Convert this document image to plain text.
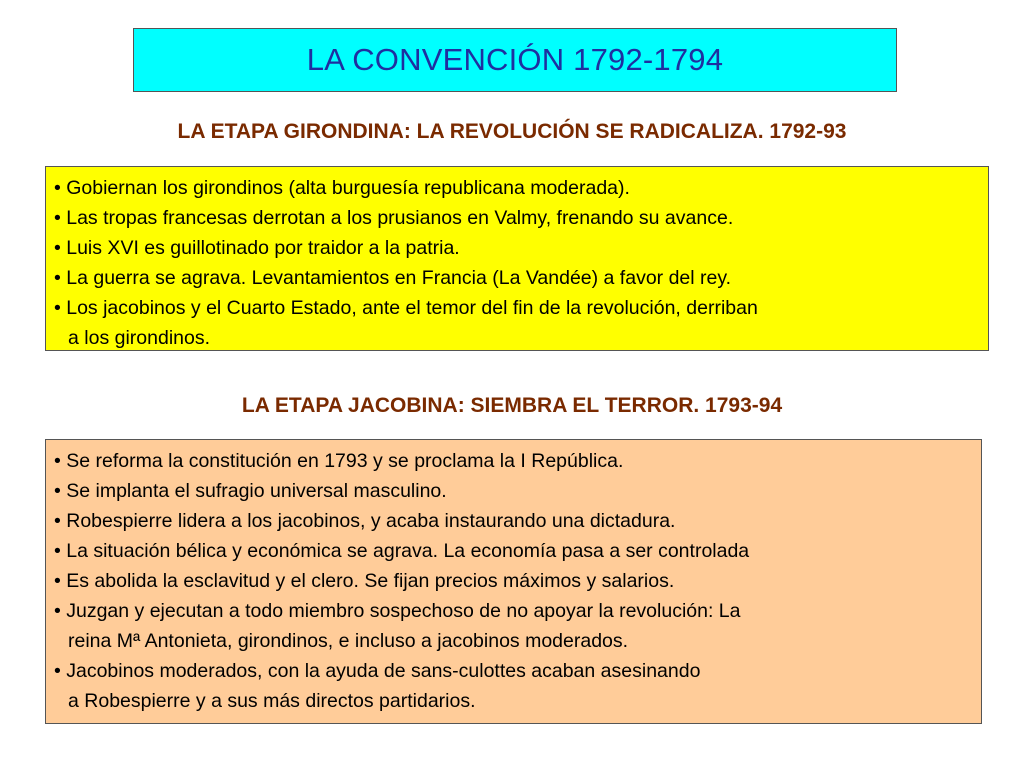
LA CONVENCIÓN 1792-1794
LA ETAPA GIRONDINA: LA REVOLUCIÓN SE RADICALIZA. 1792-93
• Gobiernan los girondinos (alta burguesía republicana moderada).
• Las tropas francesas derrotan a los prusianos en Valmy, frenando su avance.
• Luis XVI es guillotinado por traidor a la patria.
• La guerra se agrava. Levantamientos en Francia (La Vandée) a favor del rey.
• Los jacobinos y el Cuarto Estado, ante el temor del fin de la revolución, derriban
a los girondinos.
LA ETAPA JACOBINA: SIEMBRA EL TERROR. 1793-94
• Se reforma la constitución en 1793 y se proclama la I República.
• Se implanta el sufragio universal masculino.
• Robespierre lidera a los jacobinos, y acaba instaurando una dictadura.
• La situación bélica y económica se agrava. La economía pasa a ser controlada
• Es abolida la esclavitud y el clero. Se fijan precios máximos y salarios.
• Juzgan y ejecutan a todo miembro sospechoso de no apoyar la revolución: La
reina Mª Antonieta, girondinos, e incluso a jacobinos moderados.
• Jacobinos moderados, con la ayuda de sans-culottes acaban asesinando
a Robespierre y a sus más directos partidarios.
